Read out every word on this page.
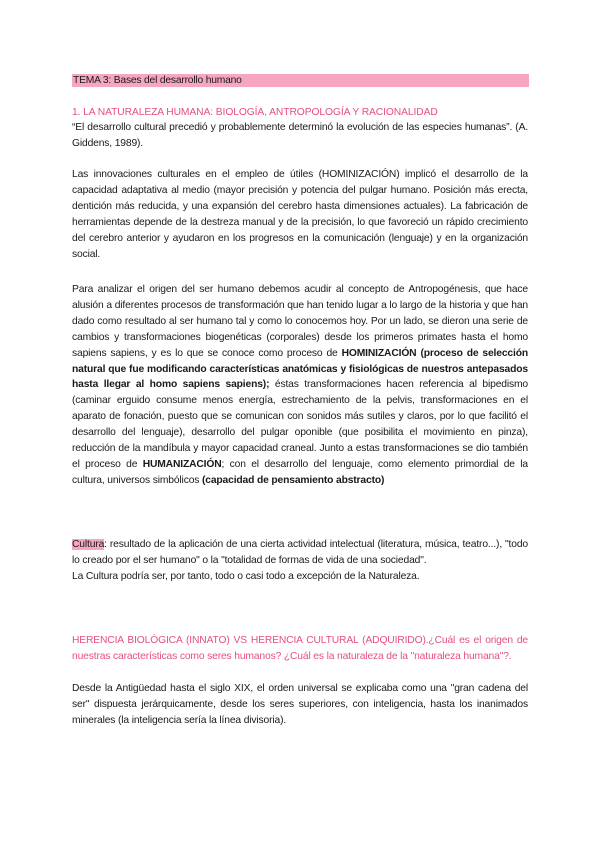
TEMA 3: Bases del desarrollo humano
1. LA NATURALEZA HUMANA: BIOLOGÍA, ANTROPOLOGÍA Y RACIONALIDAD

“El desarrollo cultural precedió y probablemente determinó la evolución de las especies humanas”. (A. Giddens, 1989).

Las innovaciones culturales en el empleo de útiles (HOMINIZACIÓN) implicó el desarrollo de la capacidad adaptativa al medio (mayor precisión y potencia del pulgar humano. Posición más erecta, dentición más reducida, y una expansión del cerebro hasta dimensiones actuales). La fabricación de herramientas depende de la destreza manual y de la precisión, lo que favoreció un rápido crecimiento del cerebro anterior y ayudaron en los progresos en la comunicación (lenguaje) y en la organización social.

Para analizar el origen del ser humano debemos acudir al concepto de Antropogénesis, que hace alusión a diferentes procesos de transformación que han tenido lugar a lo largo de la historia y que han dado como resultado al ser humano tal y como lo conocemos hoy. Por un lado, se dieron una serie de cambios y transformaciones biogenéticas (corporales) desde los primeros primates hasta el homo sapiens sapiens, y es lo que se conoce como proceso de HOMINIZACIÓN (proceso de selección natural que fue modificando características anatómicas y fisiológicas de nuestros antepasados hasta llegar al homo sapiens sapiens); éstas transformaciones hacen referencia al bipedismo (caminar erguido consume menos energía, estrechamiento de la pelvis, transformaciones en el aparato de fonación, puesto que se comunican con sonidos más sutiles y claros, por lo que facilitó el desarrollo del lenguaje), desarrollo del pulgar oponible (que posibilita el movimiento en pinza), reducción de la mandíbula y mayor capacidad craneal. Junto a estas transformaciones se dio también el proceso de HUMANIZACIÓN; con el desarrollo del lenguaje, como elemento primordial de la cultura, universos simbólicos (capacidad de pensamiento abstracto)

Cultura: resultado de la aplicación de una cierta actividad intelectual (literatura, música, teatro...), "todo lo creado por el ser humano" o la "totalidad de formas de vida de una sociedad".

La Cultura podría ser, por tanto, todo o casi todo a excepción de la Naturaleza.

HERENCIA BIOLÓGICA (INNATO) VS HERENCIA CULTURAL (ADQUIRIDO).¿Cuál es el origen de nuestras características como seres humanos? ¿Cuál es la naturaleza de la "naturaleza humana"?.

Desde la Antigüedad hasta el siglo XIX, el orden universal se explicaba como una "gran cadena del ser" dispuesta jerárquicamente, desde los seres superiores, con inteligencia, hasta los inanimados minerales (la inteligencia sería la línea divisoria).
